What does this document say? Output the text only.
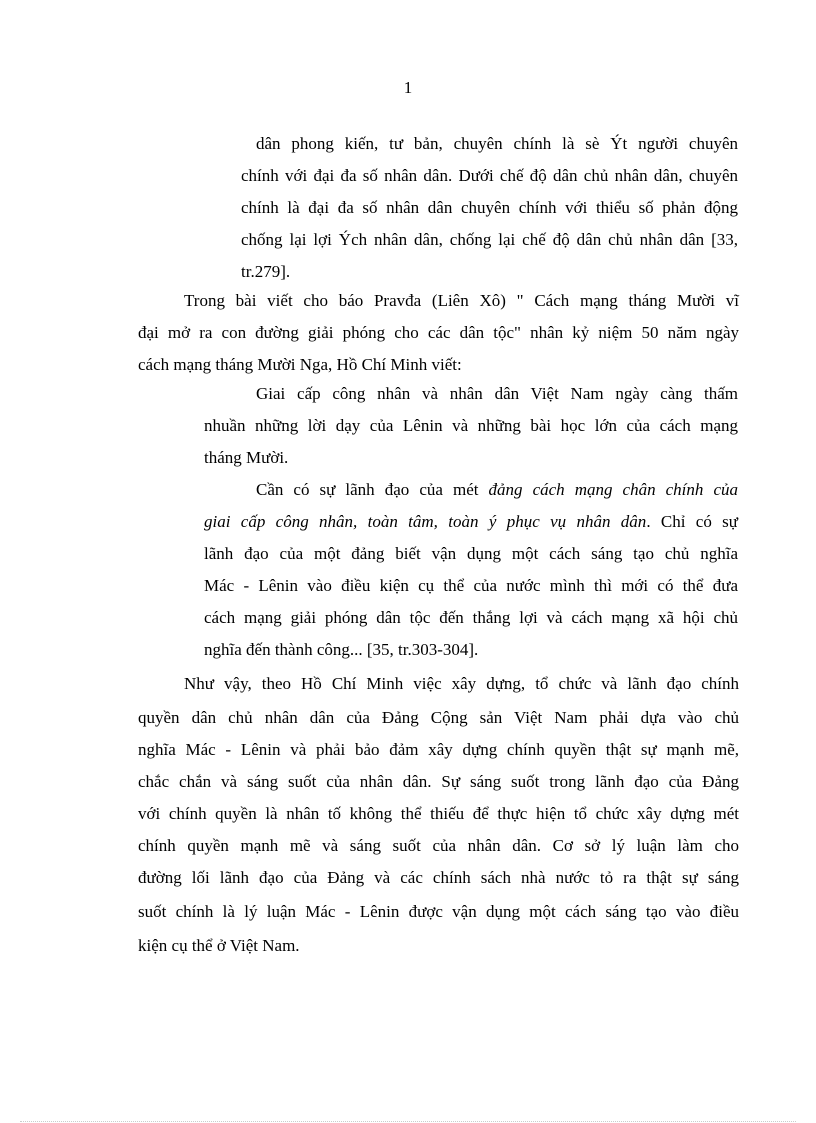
1
dân phong kiến, tư bản, chuyên chính là sè Ýt người chuyên
chính với đại đa số nhân dân. Dưới chế độ dân chủ nhân dân, chuyên
chính là đại đa số nhân dân chuyên chính với thiểu số phản động
chống lại lợi Ých nhân dân, chống lại chế độ dân chủ nhân dân [33,
tr.279].
Trong bài viết cho báo Pravđa (Liên Xô) " Cách mạng tháng Mười vĩ
đại mở ra con đường giải phóng cho các dân tộc" nhân kỷ niệm 50 năm ngày
cách mạng tháng Mười Nga, Hồ Chí Minh viết:
Giai cấp công nhân và nhân dân Việt Nam ngày càng thấm
nhuần những lời dạy của Lênin và những bài học lớn của cách mạng
tháng Mười.
Cần có sự lãnh đạo của mét đảng cách mạng chân chính của
giai cấp công nhân, toàn tâm, toàn ý phục vụ nhân dân. Chỉ có sự
lãnh đạo của một đảng biết vận dụng một cách sáng tạo chủ nghĩa
Mác - Lênin vào điều kiện cụ thể của nước mình thì mới có thể đưa
cách mạng giải phóng dân tộc đến thắng lợi và cách mạng xã hội chủ
nghĩa đến thành công... [35, tr.303-304].
Như vậy, theo Hồ Chí Minh việc xây dựng, tổ chức và lãnh đạo chính
quyền dân chủ nhân dân của Đảng Cộng sản Việt Nam phải dựa vào chủ
nghĩa Mác - Lênin và phải bảo đảm xây dựng chính quyền thật sự mạnh mẽ,
chắc chắn và sáng suốt của nhân dân. Sự sáng suốt trong lãnh đạo của Đảng
với chính quyền là nhân tố không thể thiếu để thực hiện tổ chức xây dựng mét
chính quyền mạnh mẽ và sáng suốt của nhân dân. Cơ sở lý luận làm cho
đường lối lãnh đạo của Đảng và các chính sách nhà nước tỏ ra thật sự sáng
suốt chính là lý luận Mác - Lênin được vận dụng một cách sáng tạo vào điều
kiện cụ thể ở Việt Nam.
